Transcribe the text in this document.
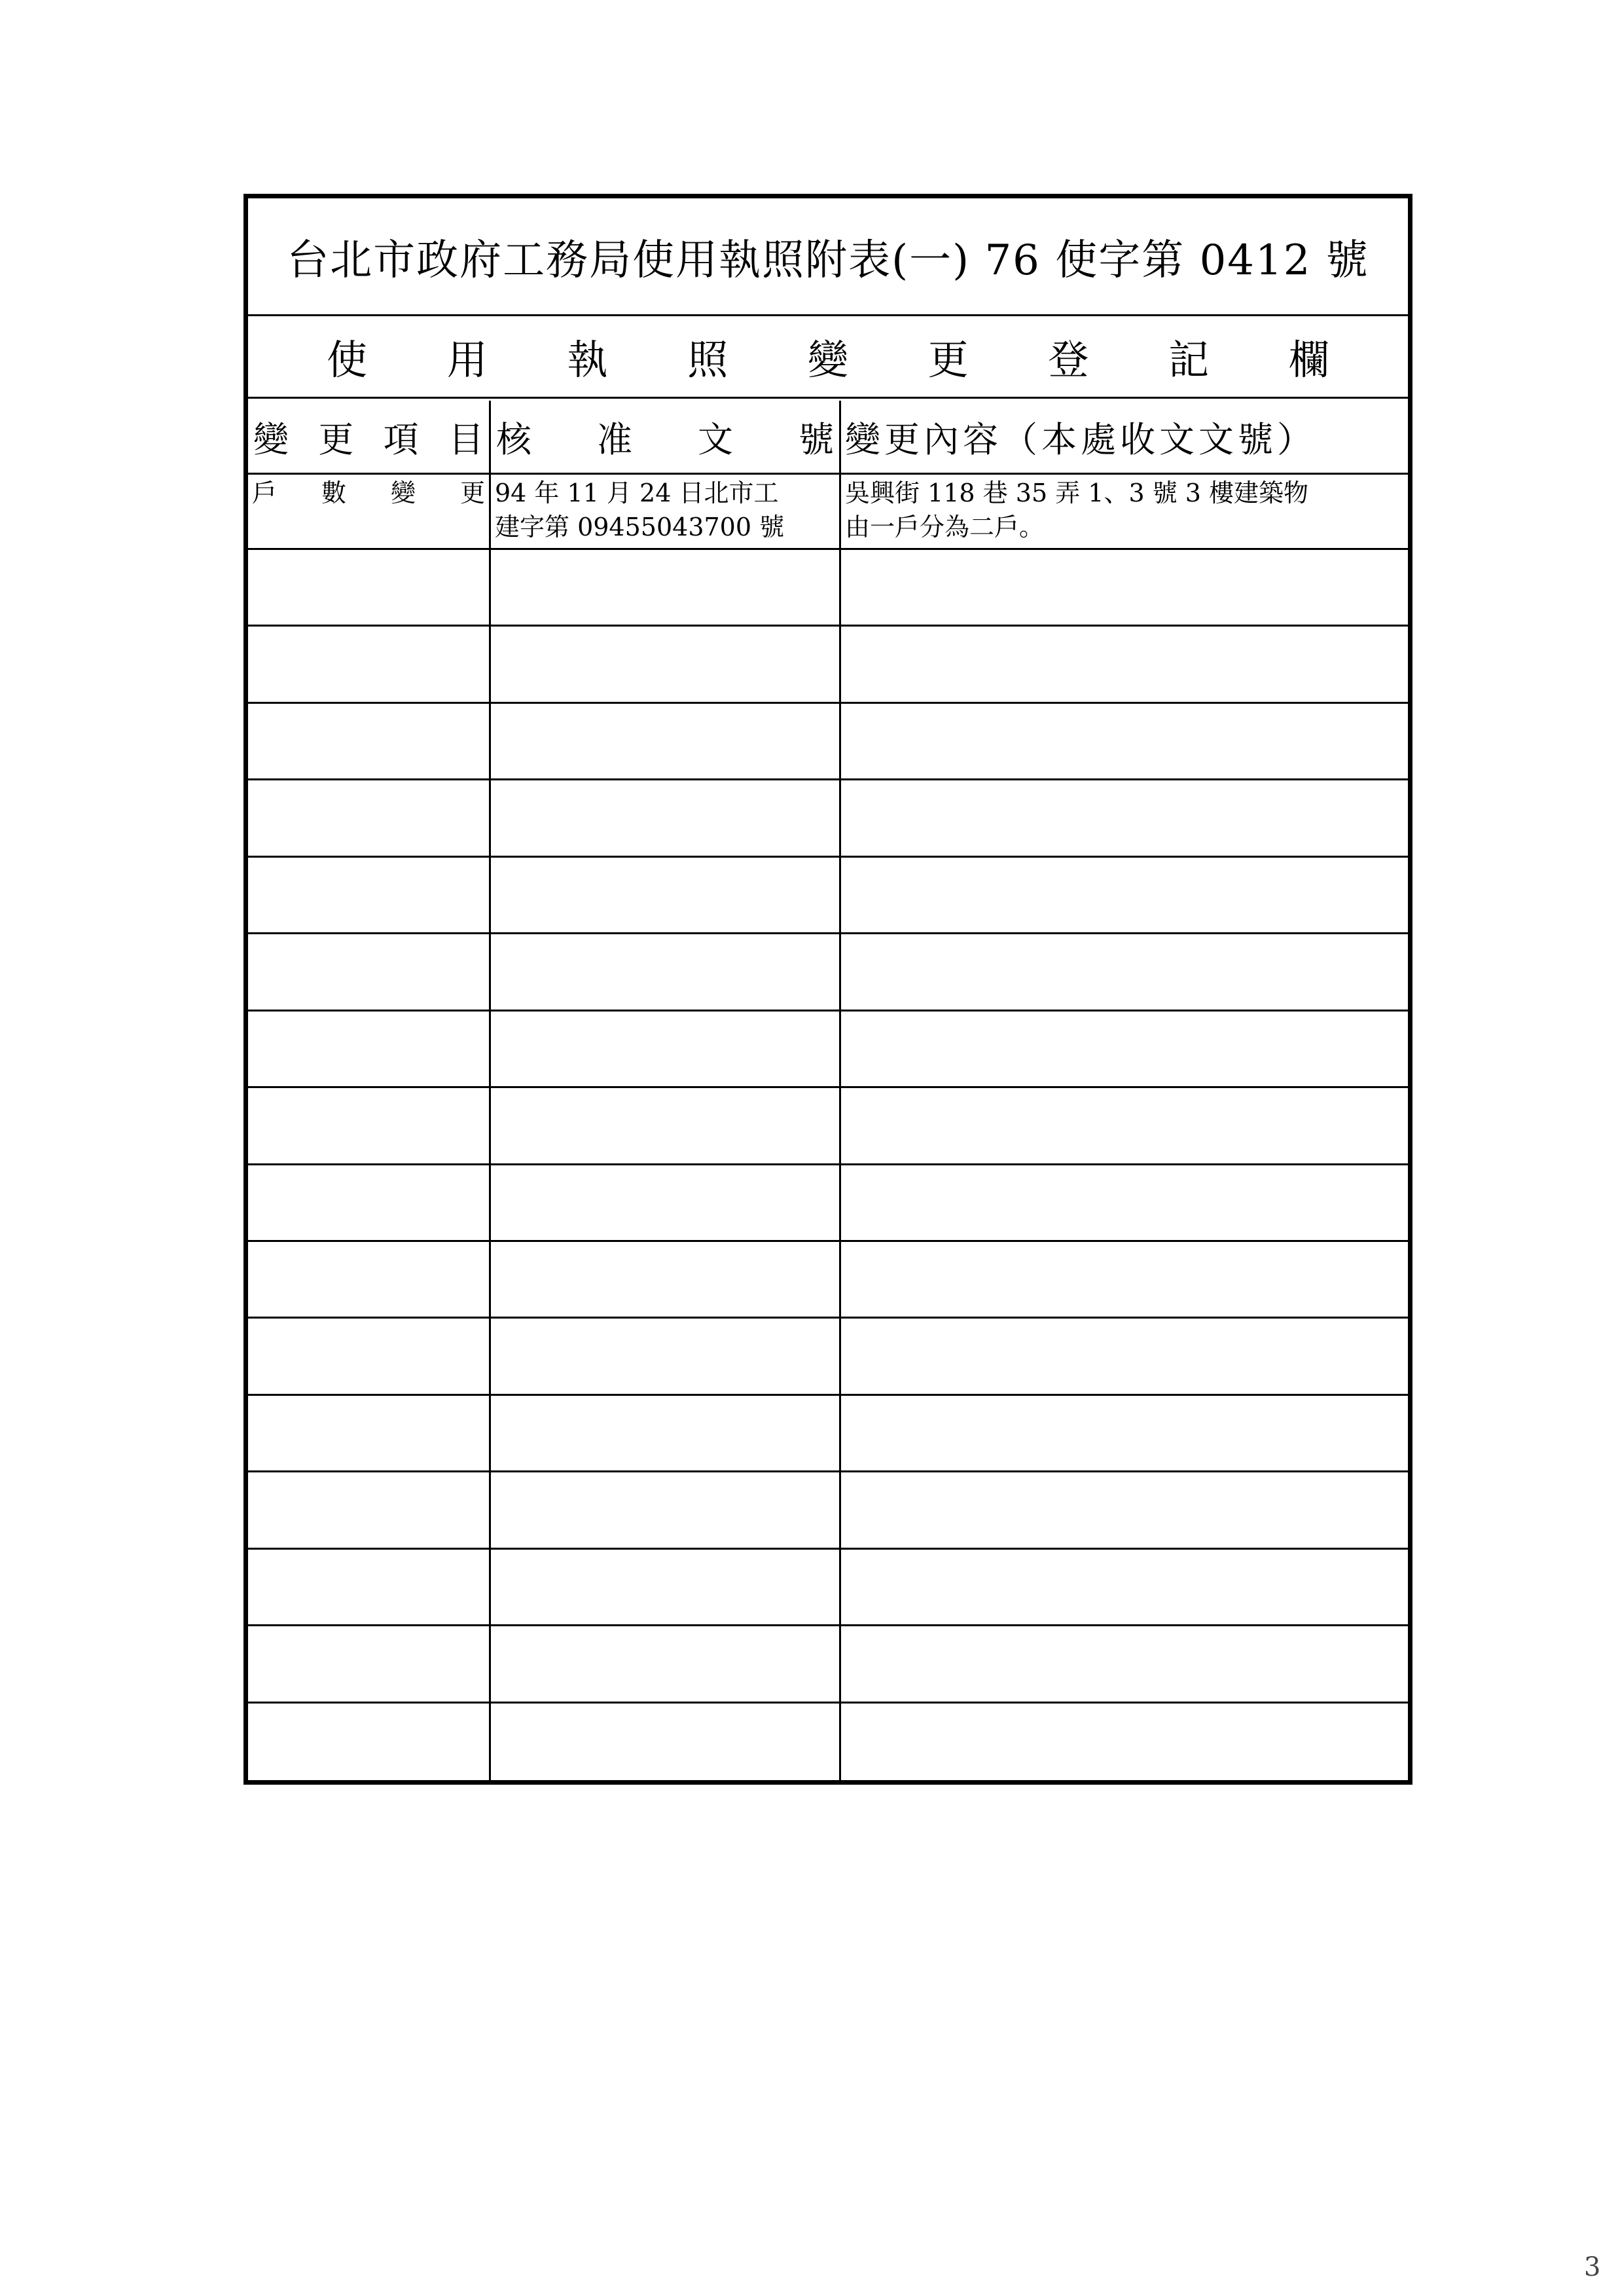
台北市政府工務局使用執照附表(一) 76 使字第 0412 號
使 用 執 照 變 更 登 記 欄
變 更 項 目 核 准 文 號 變更內容（本處收文文號）
戶 數 變 更 94 年 11 月 24 日北市工
建字第 09455043700 號
吳興街 118 巷 35 弄 1、3 號 3 樓建築物
由一戶分為二戶。
3
